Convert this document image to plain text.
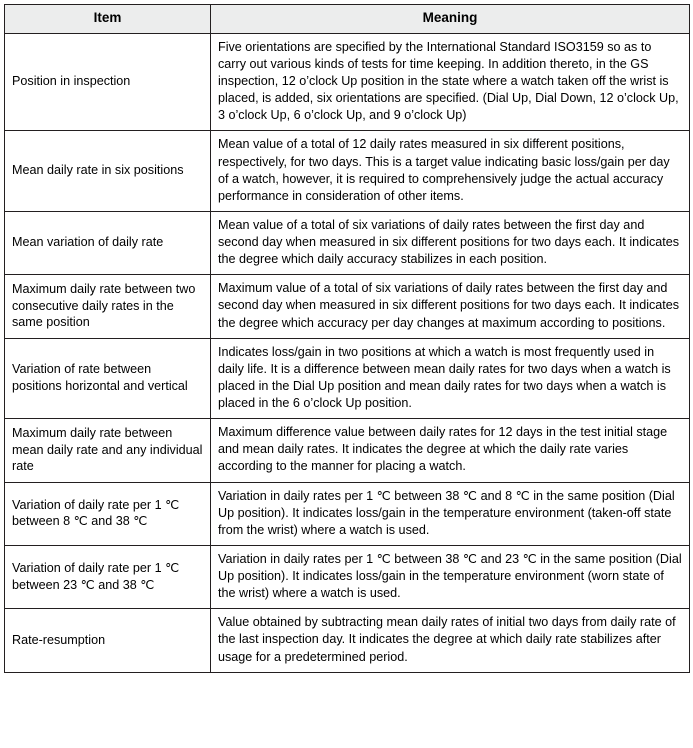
Item	Meaning
Position in inspection	Five orientations are specified by the International Standard ISO3159 so as to carry out various kinds of tests for time keeping. In addition thereto, in the GS inspection, 12 o’clock Up position in the state where a watch taken off the wrist is placed, is added, six orientations are specified. (Dial Up, Dial Down, 12 o’clock Up, 3 o’clock Up, 6 o’clock Up, and 9 o’clock Up)
Mean daily rate in six positions	Mean value of a total of 12 daily rates measured in six different positions, respectively, for two days. This is a target value indicating basic loss/gain per day of a watch, however, it is required to comprehensively judge the actual accuracy performance in consideration of other items.
Mean variation of daily rate	Mean value of a total of six variations of daily rates between the first day and second day when measured in six different positions for two days each. It indicates the degree which daily accuracy stabilizes in each position.
Maximum daily rate between two consecutive daily rates in the same position	Maximum value of a total of six variations of daily rates between the first day and second day when measured in six different positions for two days each. It indicates the degree which accuracy per day changes at maximum according to positions.
Variation of rate between positions horizontal and vertical	Indicates loss/gain in two positions at which a watch is most frequently used in daily life. It is a difference between mean daily rates for two days when a watch is placed in the Dial Up position and mean daily rates for two days when a watch is placed in the 6 o’clock Up position.
Maximum daily rate between mean daily rate and any individual rate	Maximum difference value between daily rates for 12 days in the test initial stage and mean daily rates. It indicates the degree at which the daily rate varies according to the manner for placing a watch.
Variation of daily rate per 1 ℃ between 8 ℃ and 38 ℃	Variation in daily rates per 1 ℃ between 38 ℃ and 8 ℃ in the same position (Dial Up position). It indicates loss/gain in the temperature environment (taken-off state from the wrist) where a watch is used.
Variation of daily rate per 1 ℃ between 23 ℃ and 38 ℃	Variation in daily rates per 1 ℃ between 38 ℃ and 23 ℃ in the same position (Dial Up position). It indicates loss/gain in the temperature environment (worn state of the wrist) where a watch is used.
Rate-resumption	Value obtained by subtracting mean daily rates of initial two days from daily rate of the last inspection day. It indicates the degree at which daily rate stabilizes after usage for a predetermined period.
